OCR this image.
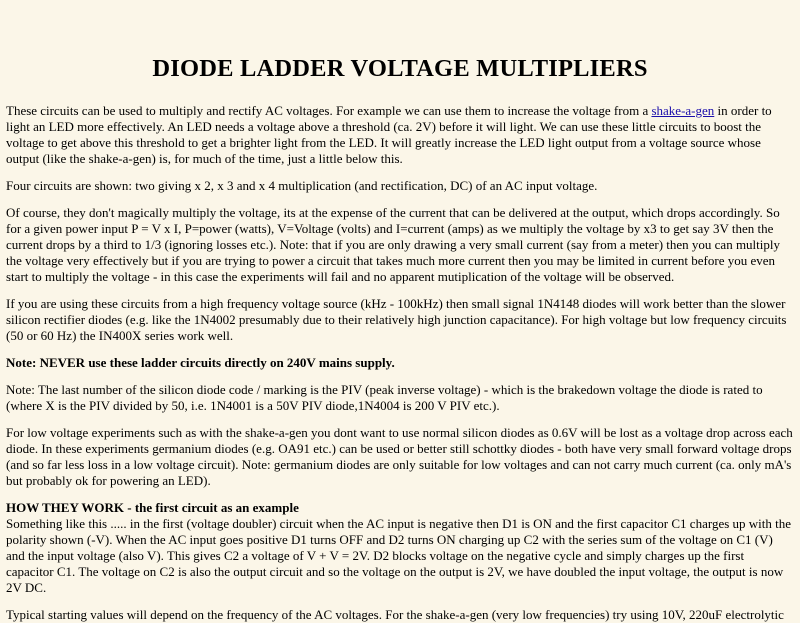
DIODE LADDER VOLTAGE MULTIPLIERS

These circuits can be used to multiply and rectify AC voltages. For example we can use them to increase the voltage from a shake-a-gen in order to light an LED more effectively. An LED needs a voltage above a threshold (ca. 2V) before it will light. We can use these little circuits to boost the voltage to get above this threshold to get a brighter light from the LED. It will greatly increase the LED light output from a voltage source whose output (like the shake-a-gen) is, for much of the time, just a little below this.

Four circuits are shown: two giving x 2, x 3 and x 4 multiplication (and rectification, DC) of an AC input voltage.

Of course, they don't magically multiply the voltage, its at the expense of the current that can be delivered at the output, which drops accordingly. So for a given power input P = V x I, P=power (watts), V=Voltage (volts) and I=current (amps) as we multiply the voltage by x3 to get say 3V then the current drops by a third to 1/3 (ignoring losses etc.). Note: that if you are only drawing a very small current (say from a meter) then you can multiply the voltage very effectively but if you are trying to power a circuit that takes much more current then you may be limited in current before you even start to multiply the voltage - in this case the experiments will fail and no apparent mutiplication of the voltage will be observed.

If you are using these circuits from a high frequency voltage source (kHz - 100kHz) then small signal 1N4148 diodes will work better than the slower silicon rectifier diodes (e.g. like the 1N4002 presumably due to their relatively high junction capacitance). For high voltage but low frequency circuits (50 or 60 Hz) the IN400X series work well.

Note: NEVER use these ladder circuits directly on 240V mains supply.

Note: The last number of the silicon diode code / marking is the PIV (peak inverse voltage) - which is the brakedown voltage the diode is rated to (where X is the PIV divided by 50, i.e. 1N4001 is a 50V PIV diode,1N4004 is 200 V PIV etc.).

For low voltage experiments such as with the shake-a-gen you dont want to use normal silicon diodes as 0.6V will be lost as a voltage drop across each diode. In these experiments germanium diodes (e.g. OA91 etc.) can be used or better still schottky diodes - both have very small forward voltage drops (and so far less loss in a low voltage circuit). Note: germanium diodes are only suitable for low voltages and can not carry much current (ca. only mA's but probably ok for powering an LED).

HOW THEY WORK - the first circuit as an example

Something like this ..... in the first (voltage doubler) circuit when the AC input is negative then D1 is ON and the first capacitor C1 charges up with the polarity shown (-V). When the AC input goes positive D1 turns OFF and D2 turns ON charging up C2 with the series sum of the voltage on C1 (V) and the input voltage (also V). This gives C2 a voltage of V + V = 2V. D2 blocks voltage on the negative cycle and simply charges up the first capacitor C1. The voltage on C2 is also the output circuit and so the voltage on the output is 2V, we have doubled the input voltage, the output is now 2V DC.

Typical starting values will depend on the frequency of the AC voltages. For the shake-a-gen (very low frequencies) try using 10V, 220uF electrolytic
